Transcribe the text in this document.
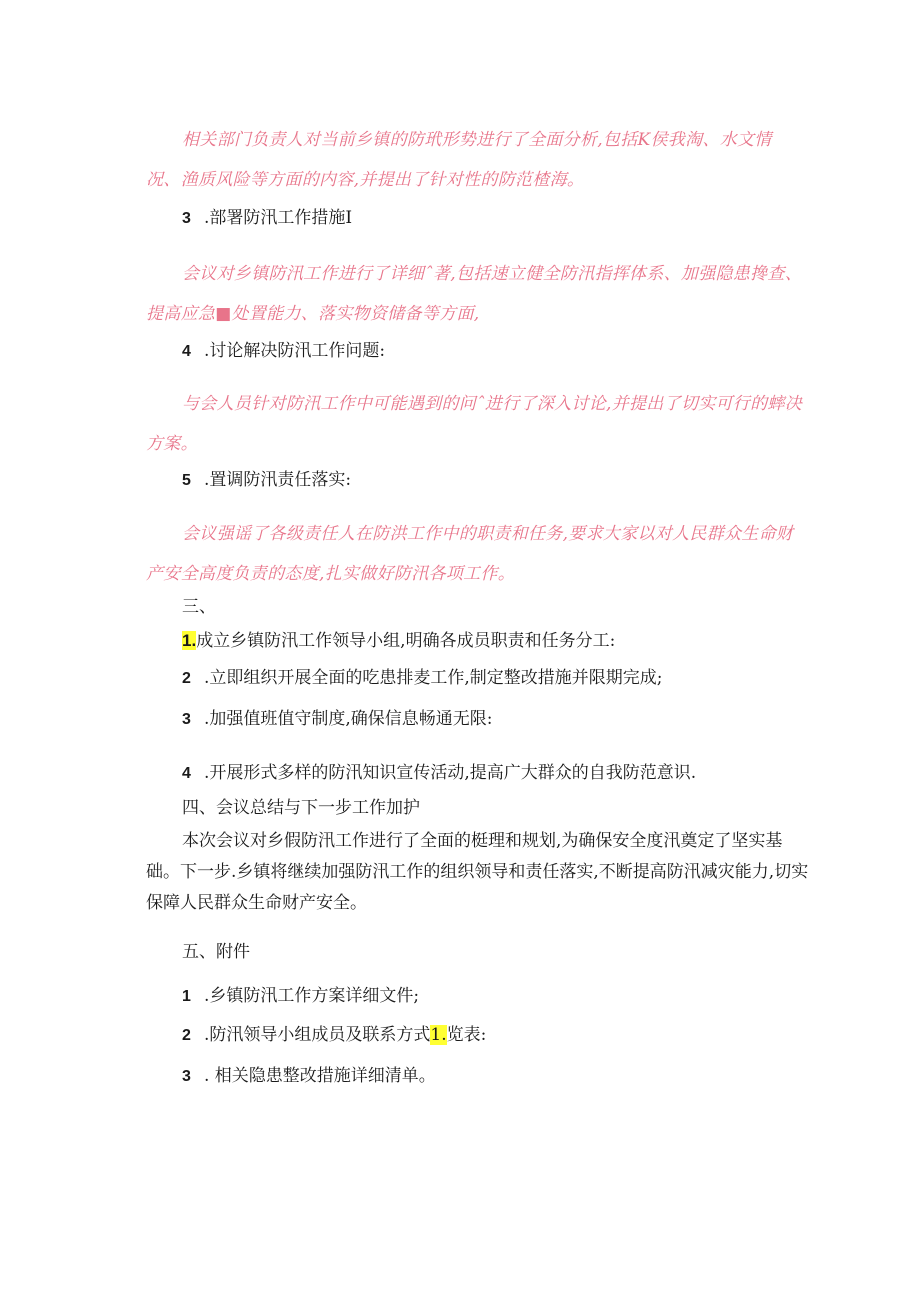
相关部门负责人对当前乡镇的防玳形势进行了全面分析,包括K侯我淘、水文情况、渔质风险等方面的内容,并提出了针对性的防范楂海。

3 .部署防汛工作措施I

会议对乡镇防汛工作进行了详细ˆ著,包括速立健全防汛指挥体系、加强隐患搀查、提高应急■处置能力、落实物资储备等方面,

4 .讨论解决防汛工作问题:

与会人员针对防汛工作中可能遇到的问ˆ进行了深入讨论,并提出了切实可行的蟀决方案。

5 .置调防汛责任落实:

会议强谣了各级责任人在防洪工作中的职责和任务,要求大家以对人民群众生命财产安全高度负责的态度,扎实做好防汛各项工作。

三、
1.成立乡镇防汛工作领导小组,明确各成员职责和任务分工:
2 .立即组织开展全面的吃患排麦工作,制定整改措施并限期完成;
3 .加强值班值守制度,确保信息畅通无限:
4 .开展形式多样的防汛知识宣传活动,提高广大群众的自我防范意识.
四、会议总结与下一步工作加护

本次会议对乡假防汛工作进行了全面的梃理和规划,为确保安全度汛奠定了坚实基础。下一步.乡镇将继续加强防汛工作的组织领导和责任落实,不断提高防汛减灾能力,切实保障人民群众生命财产安全。

五、附件
1 .乡镇防汛工作方案详细文件;
2 .防汛领导小组成员及联系方式1.览表:
3 . 相关隐患整改措施详细清单。
